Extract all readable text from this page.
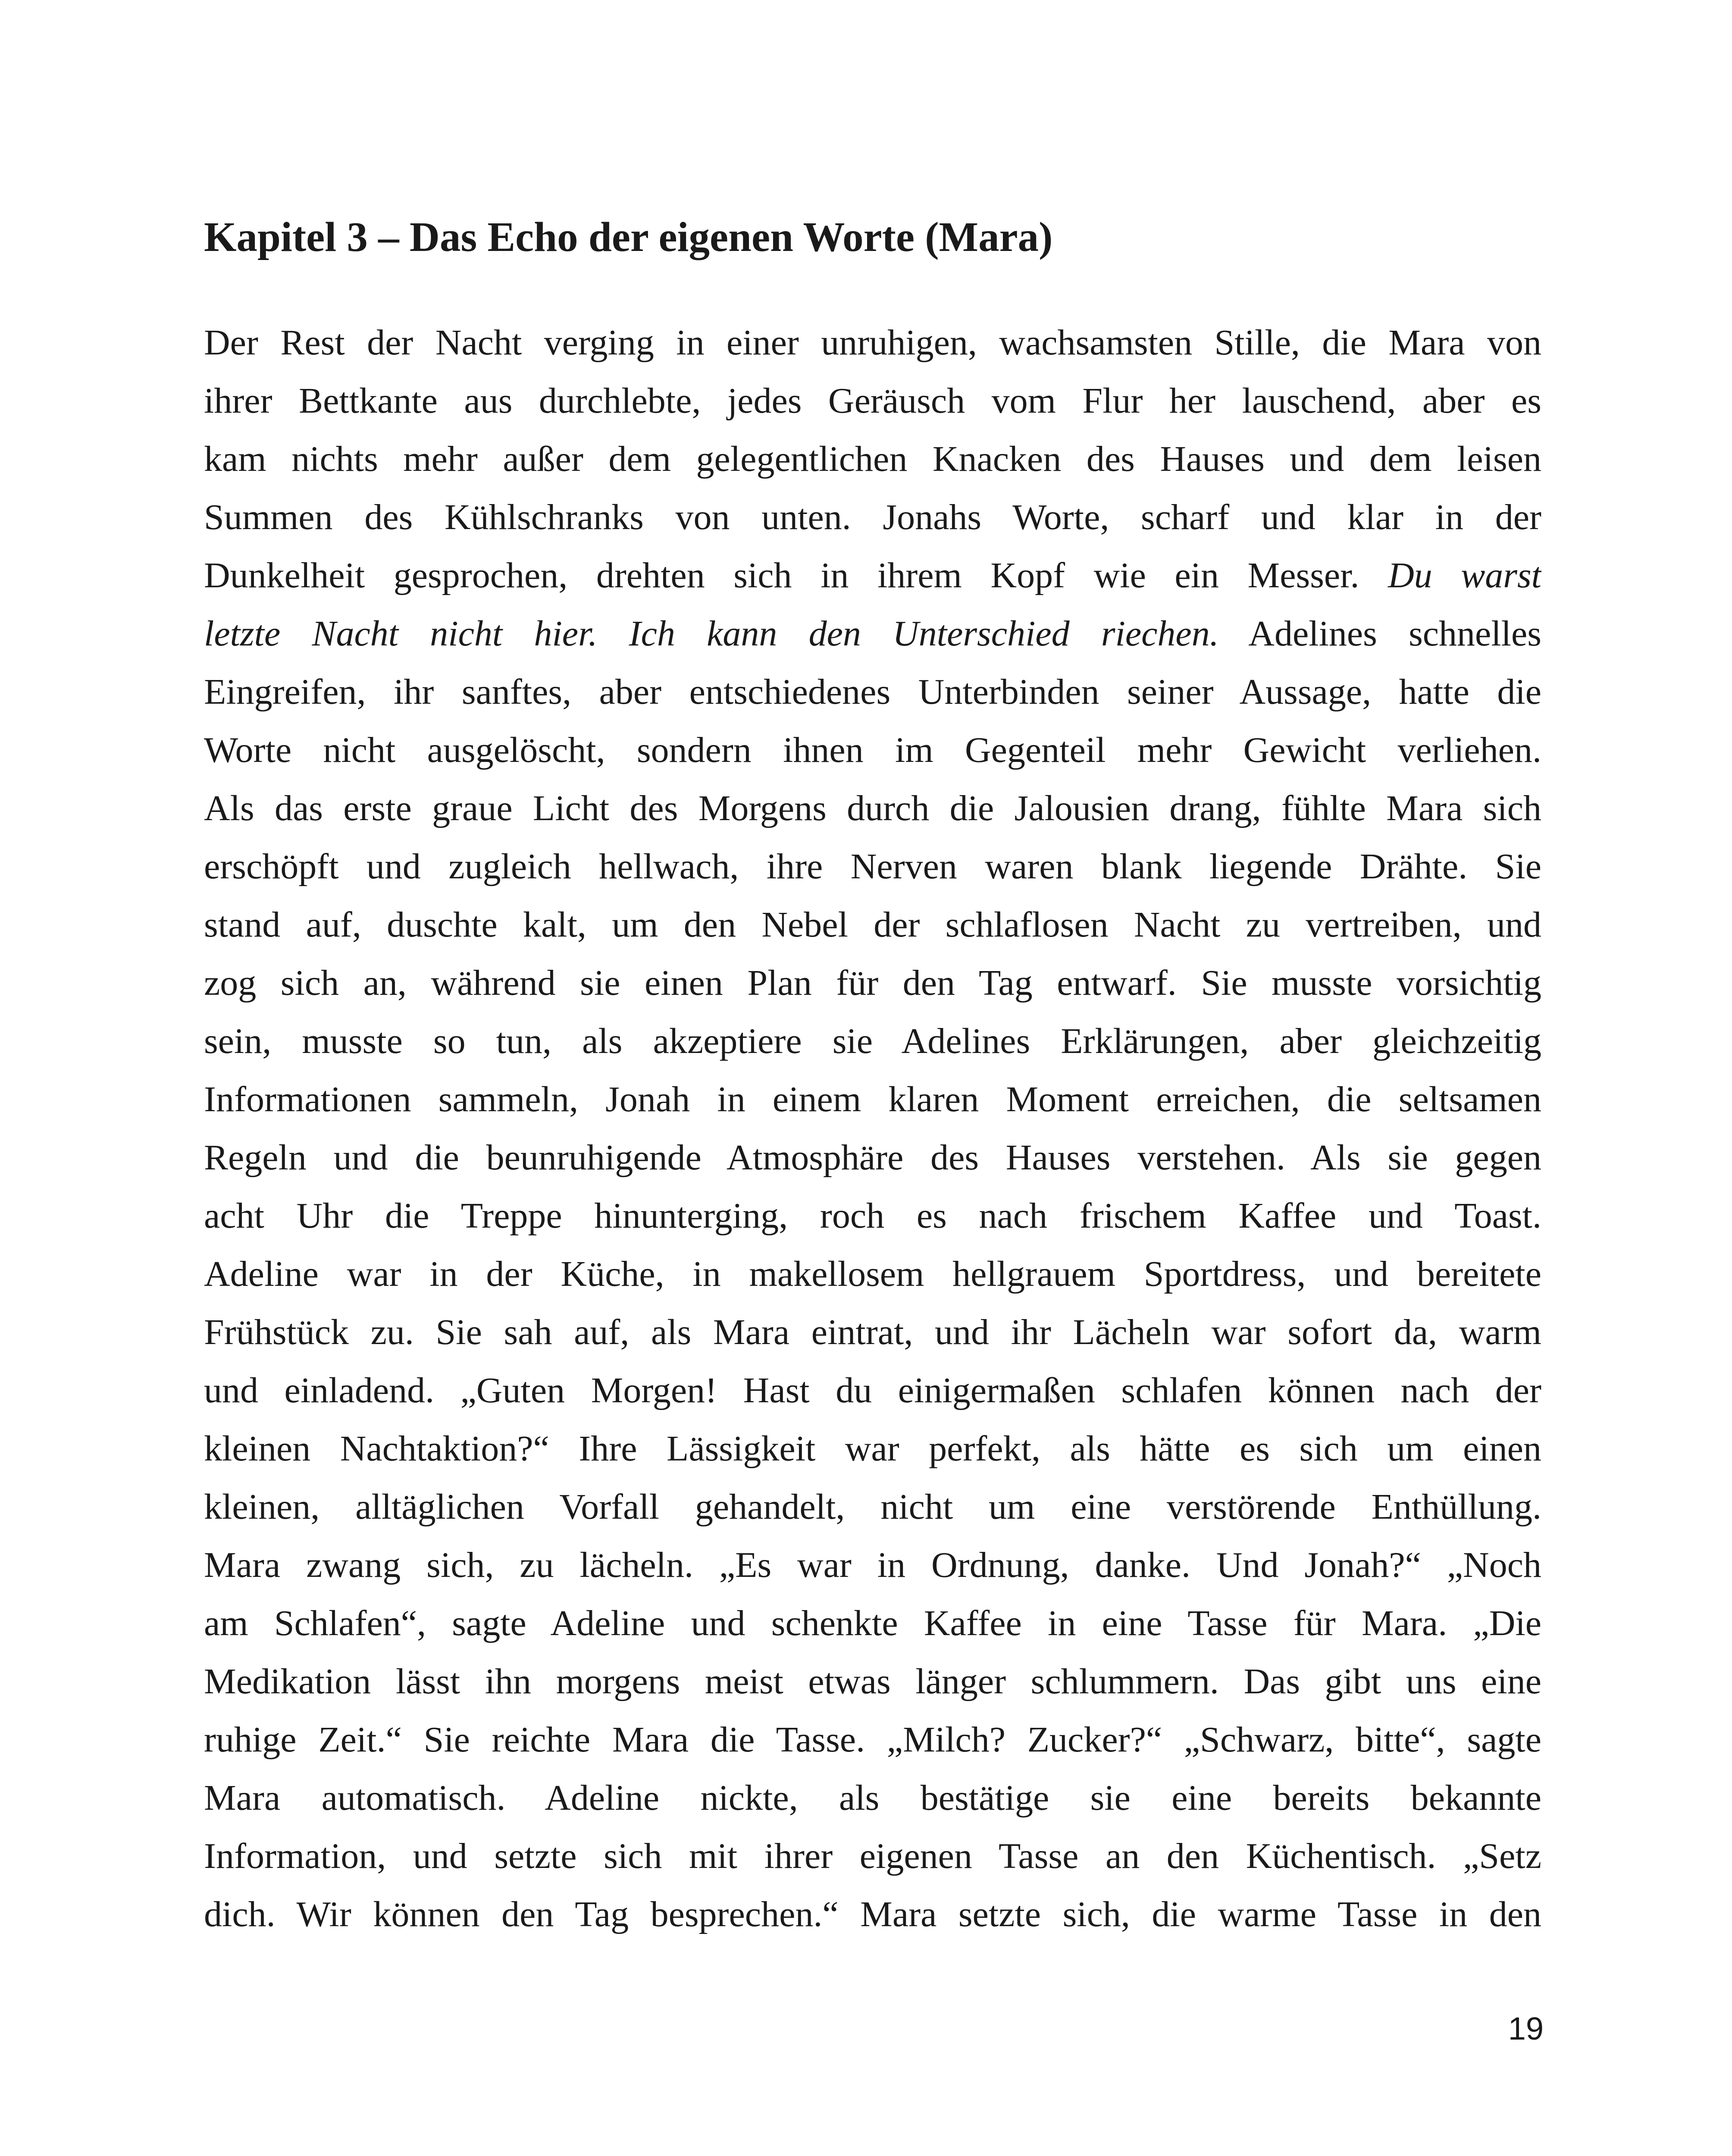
Kapitel 3 – Das Echo der eigenen Worte (Mara)
Der Rest der Nacht verging in einer unruhigen, wachsamsten Stille, die Mara von
ihrer Bettkante aus durchlebte, jedes Geräusch vom Flur her lauschend, aber es
kam nichts mehr außer dem gelegentlichen Knacken des Hauses und dem leisen
Summen des Kühlschranks von unten. Jonahs Worte, scharf und klar in der
Dunkelheit gesprochen, drehten sich in ihrem Kopf wie ein Messer. Du warst
letzte Nacht nicht hier. Ich kann den Unterschied riechen. Adelines schnelles
Eingreifen, ihr sanftes, aber entschiedenes Unterbinden seiner Aussage, hatte die
Worte nicht ausgelöscht, sondern ihnen im Gegenteil mehr Gewicht verliehen.
Als das erste graue Licht des Morgens durch die Jalousien drang, fühlte Mara sich
erschöpft und zugleich hellwach, ihre Nerven waren blank liegende Drähte. Sie
stand auf, duschte kalt, um den Nebel der schlaflosen Nacht zu vertreiben, und
zog sich an, während sie einen Plan für den Tag entwarf. Sie musste vorsichtig
sein, musste so tun, als akzeptiere sie Adelines Erklärungen, aber gleichzeitig
Informationen sammeln, Jonah in einem klaren Moment erreichen, die seltsamen
Regeln und die beunruhigende Atmosphäre des Hauses verstehen. Als sie gegen
acht Uhr die Treppe hinunterging, roch es nach frischem Kaffee und Toast.
Adeline war in der Küche, in makellosem hellgrauem Sportdress, und bereitete
Frühstück zu. Sie sah auf, als Mara eintrat, und ihr Lächeln war sofort da, warm
und einladend. „Guten Morgen! Hast du einigermaßen schlafen können nach der
kleinen Nachtaktion?“ Ihre Lässigkeit war perfekt, als hätte es sich um einen
kleinen, alltäglichen Vorfall gehandelt, nicht um eine verstörende Enthüllung.
Mara zwang sich, zu lächeln. „Es war in Ordnung, danke. Und Jonah?“ „Noch
am Schlafen“, sagte Adeline und schenkte Kaffee in eine Tasse für Mara. „Die
Medikation lässt ihn morgens meist etwas länger schlummern. Das gibt uns eine
ruhige Zeit.“ Sie reichte Mara die Tasse. „Milch? Zucker?“ „Schwarz, bitte“, sagte
Mara automatisch. Adeline nickte, als bestätige sie eine bereits bekannte
Information, und setzte sich mit ihrer eigenen Tasse an den Küchentisch. „Setz
dich. Wir können den Tag besprechen.“ Mara setzte sich, die warme Tasse in den
19
